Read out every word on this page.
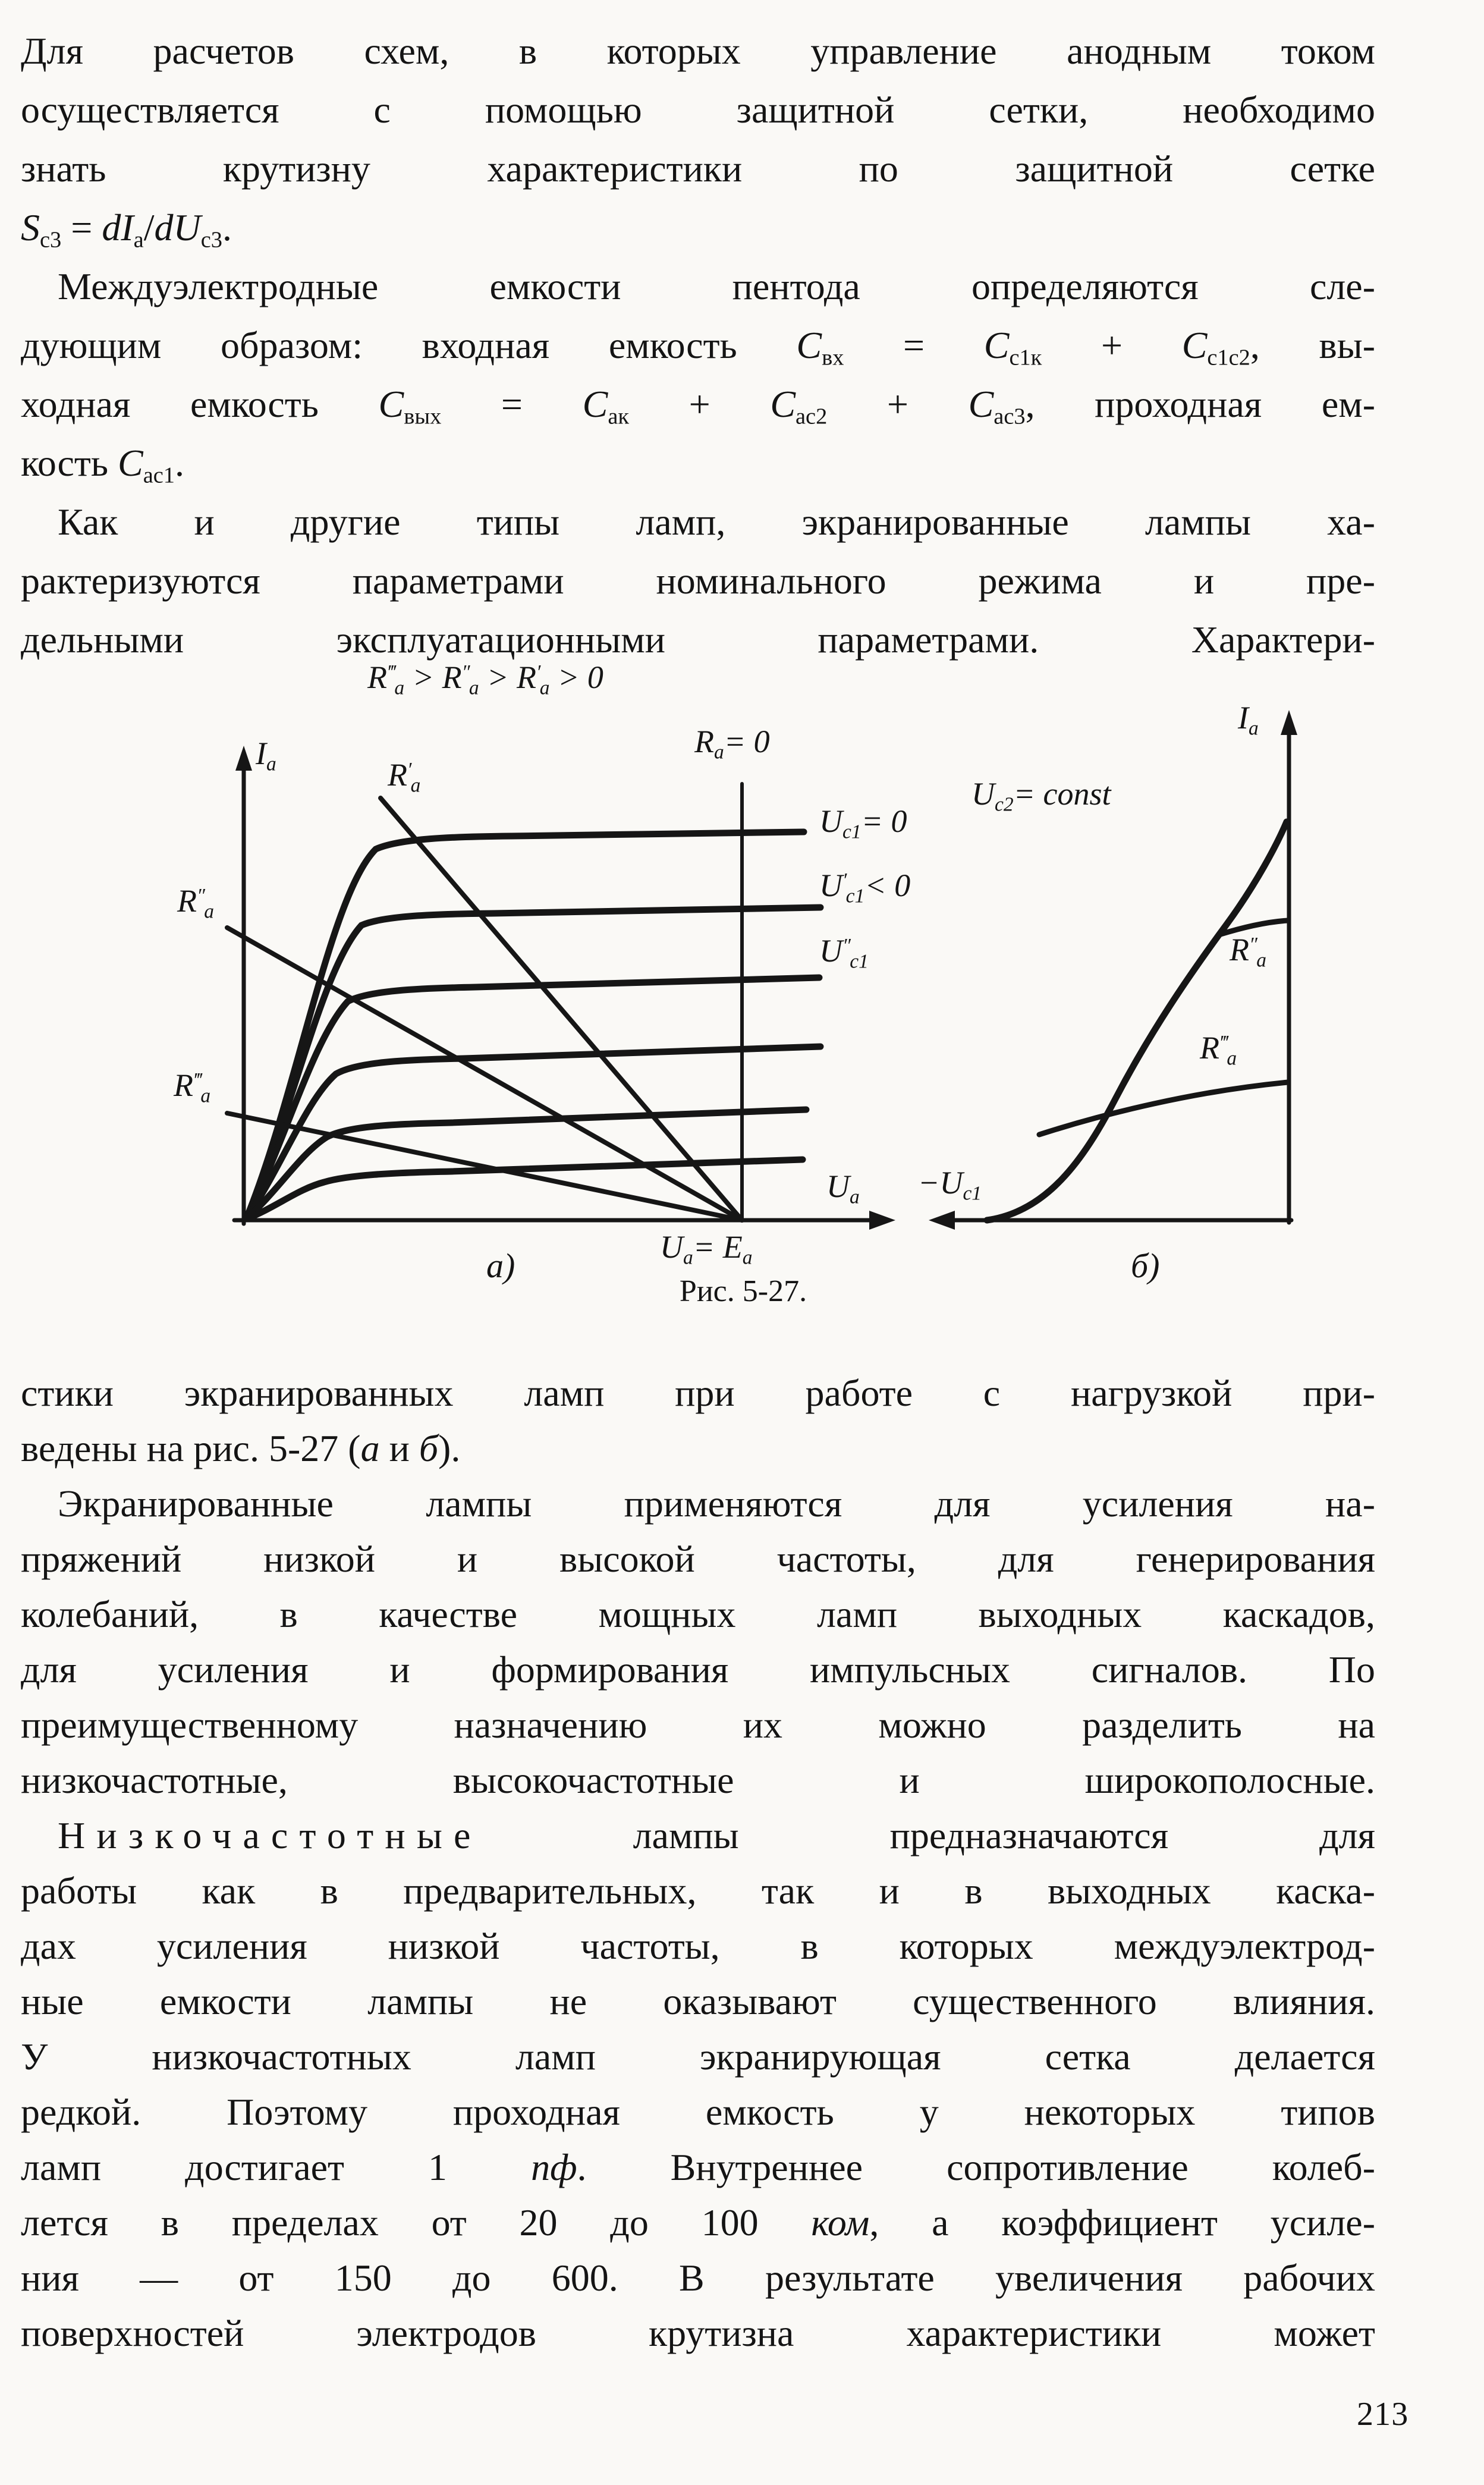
Для расчетов схем, в которых управление анодным током
осуществляется с помощью защитной сетки, необходимо
знать крутизну характеристики по защитной сетке
$S_{с3} = dI_а/dU_{с3}$.
Междуэлектродные емкости пентода определяются сле-
дующим образом: входная емкость $C_{вх} = C_{с1к} + C_{с1с2}$, вы-
ходная емкость $C_{вых} = C_{ак} + C_{ас2} + C_{ас3}$, проходная ем-
кость $C_{ас1}$.
Как и другие типы ламп, экранированные лампы ха-
рактеризуются параметрами номинального режима и пре-
дельными эксплуатационными параметрами. Характери-
$R^‴_а > R''_а > R'_а > 0$
$I_а$	$R'_а$
$R_а= 0$
$U_{с1}= 0$
$U'_{с1}< 0$
$U''_{с1}$
$R''_а$
$R^‴_а$
$U_а$
$U_а= E_а$
а)
$I_а$
$U_{с2}=$ const
$R''_а$
$R^‴_а$
$-U_{с1}$
б)
Рис. 5-27.
стики экранированных ламп при работе с нагрузкой при-
ведены на рис. 5-27 (а и б).
Экранированные лампы применяются для усиления на-
пряжений низкой и высокой частоты, для генерирования
колебаний, в качестве мощных ламп выходных каскадов,
для усиления и формирования импульсных сигналов. По
преимущественному назначению их можно разделить на
низкочастотные, высокочастотные и широкополосные.
Низкочастотные лампы предназначаются для
работы как в предварительных, так и в выходных каска-
дах усиления низкой частоты, в которых междуэлектрод-
ные емкости лампы не оказывают существенного влияния.
У низкочастотных ламп экранирующая сетка делается
редкой. Поэтому проходная емкость у некоторых типов
ламп достигает 1 пф. Внутреннее сопротивление колеб-
лется в пределах от 20 до 100 ком, а коэффициент усиле-
ния — от 150 до 600. В результате увеличения рабочих
поверхностей электродов крутизна характеристики может
213
